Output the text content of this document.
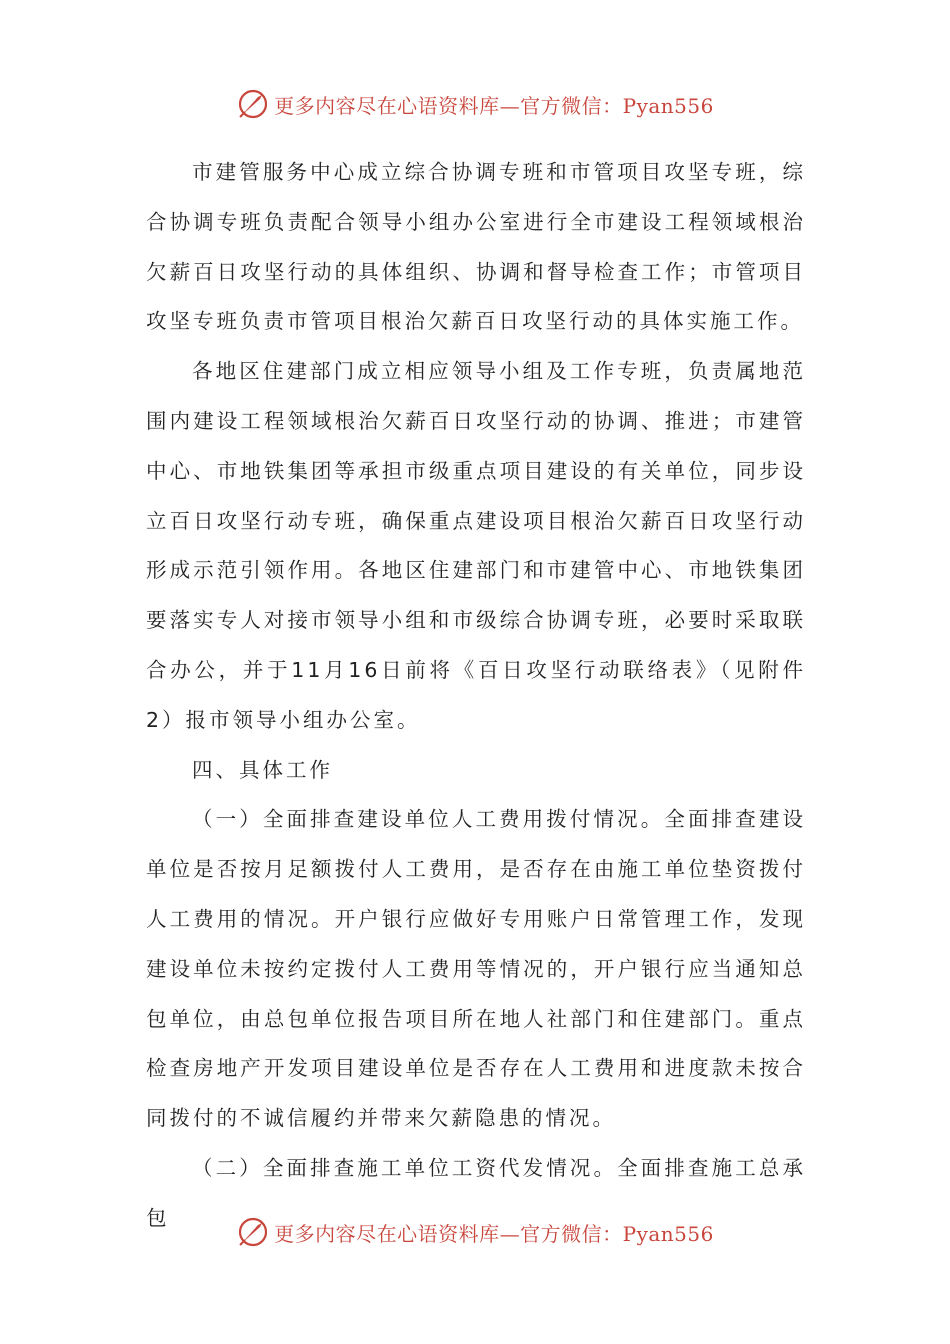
更多内容尽在心语资料库—官方微信：Pyan556

市建管服务中心成立综合协调专班和市管项目攻坚专班，综合协调专班负责配合领导小组办公室进行全市建设工程领域根治欠薪百日攻坚行动的具体组织、协调和督导检查工作；市管项目攻坚专班负责市管项目根治欠薪百日攻坚行动的具体实施工作。

各地区住建部门成立相应领导小组及工作专班，负责属地范围内建设工程领域根治欠薪百日攻坚行动的协调、推进；市建管中心、市地铁集团等承担市级重点项目建设的有关单位，同步设立百日攻坚行动专班，确保重点建设项目根治欠薪百日攻坚行动形成示范引领作用。各地区住建部门和市建管中心、市地铁集团要落实专人对接市领导小组和市级综合协调专班，必要时采取联合办公，并于11月16日前将《百日攻坚行动联络表》（见附件2）报市领导小组办公室。

四、具体工作

（一）全面排查建设单位人工费用拨付情况。全面排查建设单位是否按月足额拨付人工费用，是否存在由施工单位垫资拨付人工费用的情况。开户银行应做好专用账户日常管理工作，发现建设单位未按约定拨付人工费用等情况的，开户银行应当通知总包单位，由总包单位报告项目所在地人社部门和住建部门。重点检查房地产开发项目建设单位是否存在人工费用和进度款未按合同拨付的不诚信履约并带来欠薪隐患的情况。

（二）全面排查施工单位工资代发情况。全面排查施工总承包

更多内容尽在心语资料库—官方微信：Pyan556
